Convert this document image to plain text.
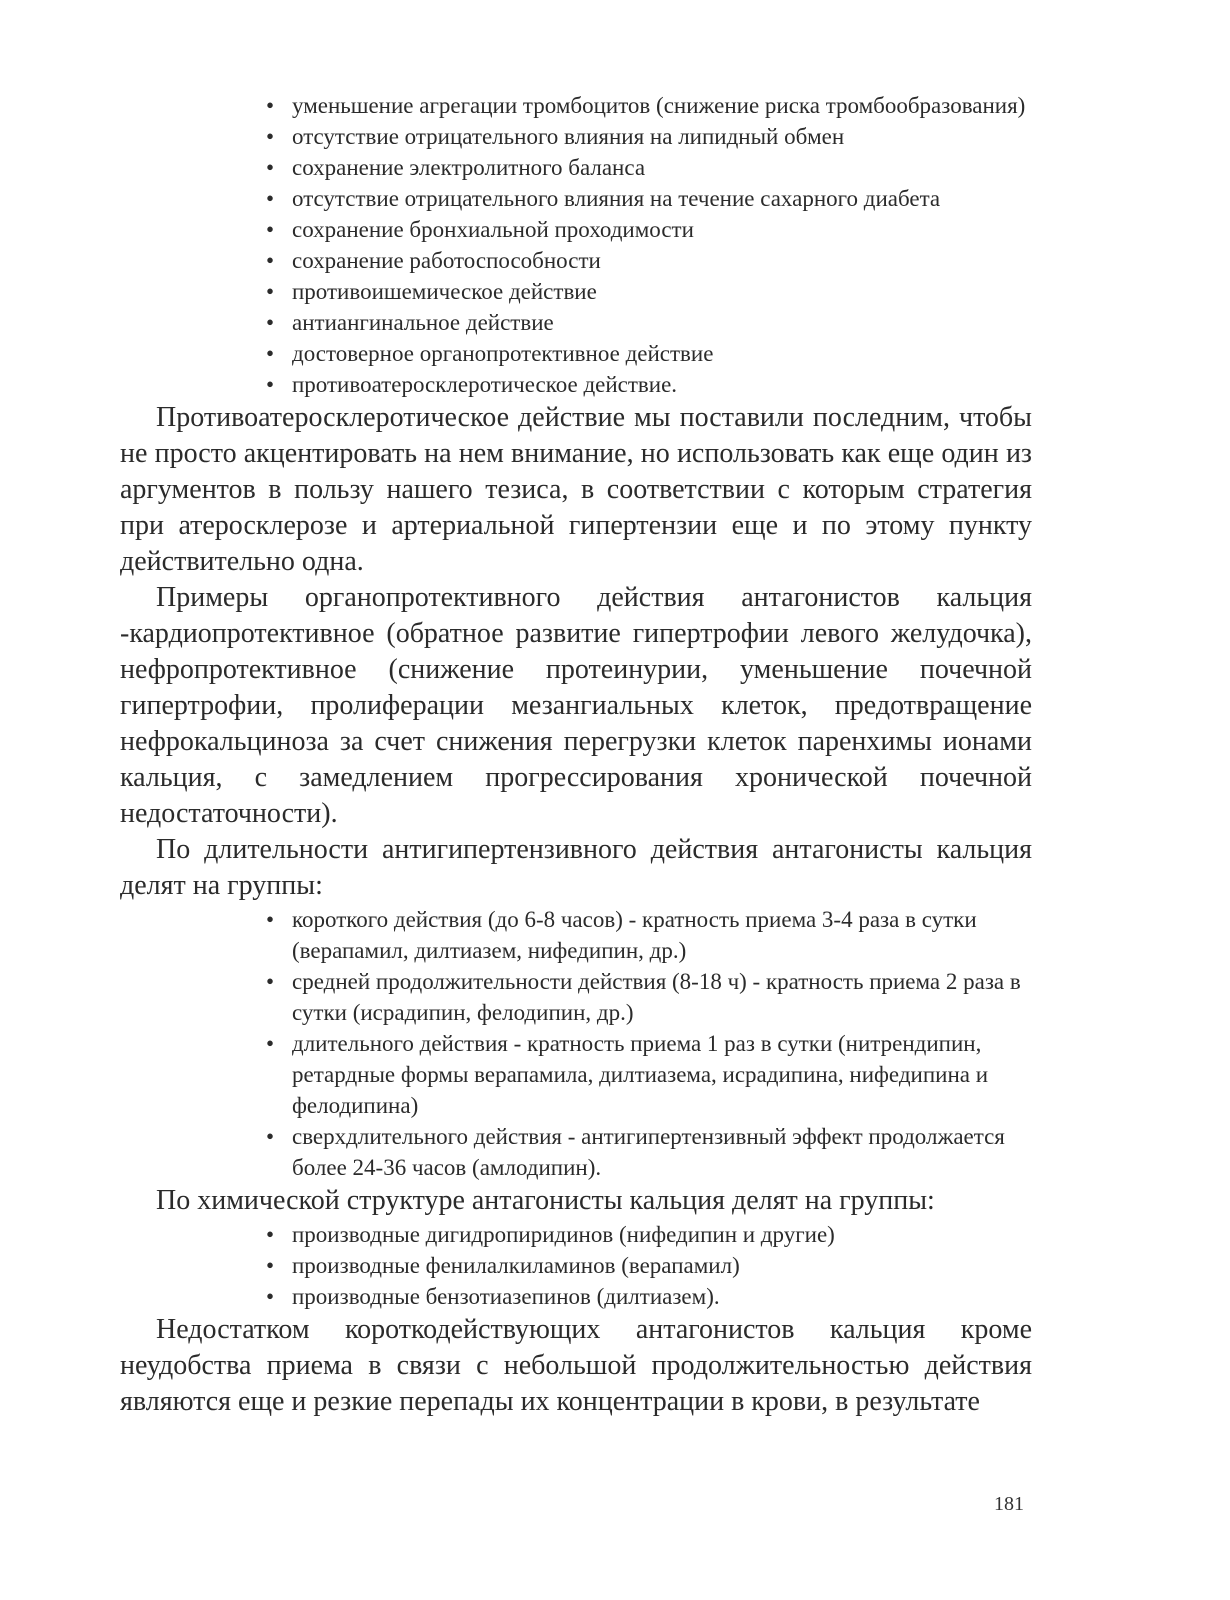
• уменьшение агрегации тромбоцитов (снижение риска тромбообразования)
• отсутствие отрицательного влияния на липидный обмен
• сохранение электролитного баланса
• отсутствие отрицательного влияния на течение сахарного диабета
• сохранение бронхиальной проходимости
• сохранение работоспособности
• противоишемическое действие
• антиангинальное действие
• достоверное органопротективное действие
• противоатеросклеротическое действие.

Противоатеросклеротическое действие мы поставили последним, чтобы не просто акцентировать на нем внимание, но использовать как еще один из аргументов в пользу нашего тезиса, в соответствии с которым стратегия при атеросклерозе и артериальной гипертензии еще и по этому пункту действительно одна.

Примеры органопротективного действия антагонистов кальция -кардиопротективное (обратное развитие гипертрофии левого желудочка), нефропротективное (снижение протеинурии, уменьшение почечной гипертрофии, пролиферации мезангиальных клеток, предотвращение нефрокальциноза за счет снижения перегрузки клеток паренхимы ионами кальция, с замедлением прогрессирования хронической почечной недостаточности).

По длительности антигипертензивного действия антагонисты кальция делят на группы:

• короткого действия (до 6-8 часов) - кратность приема 3-4 раза в сутки (верапамил, дилтиазем, нифедипин, др.)
• средней продолжительности действия (8-18 ч) - кратность приема 2 раза в сутки (исрадипин, фелодипин, др.)
• длительного действия - кратность приема 1 раз в сутки (нитрендипин, ретардные формы верапамила, дилтиазема, исрадипина, нифедипина и фелодипина)
• сверхдлительного действия - антигипертензивный эффект продолжается более 24-36 часов (амлодипин).

По химической структуре антагонисты кальция делят на группы:

• производные дигидропиридинов (нифедипин и другие)
• производные фенилалкиламинов (верапамил)
• производные бензотиазепинов (дилтиазем).

Недостатком короткодействующих антагонистов кальция кроме неудобства приема в связи с небольшой продолжительностью действия являются еще и резкие перепады их концентрации в крови, в результате

181
